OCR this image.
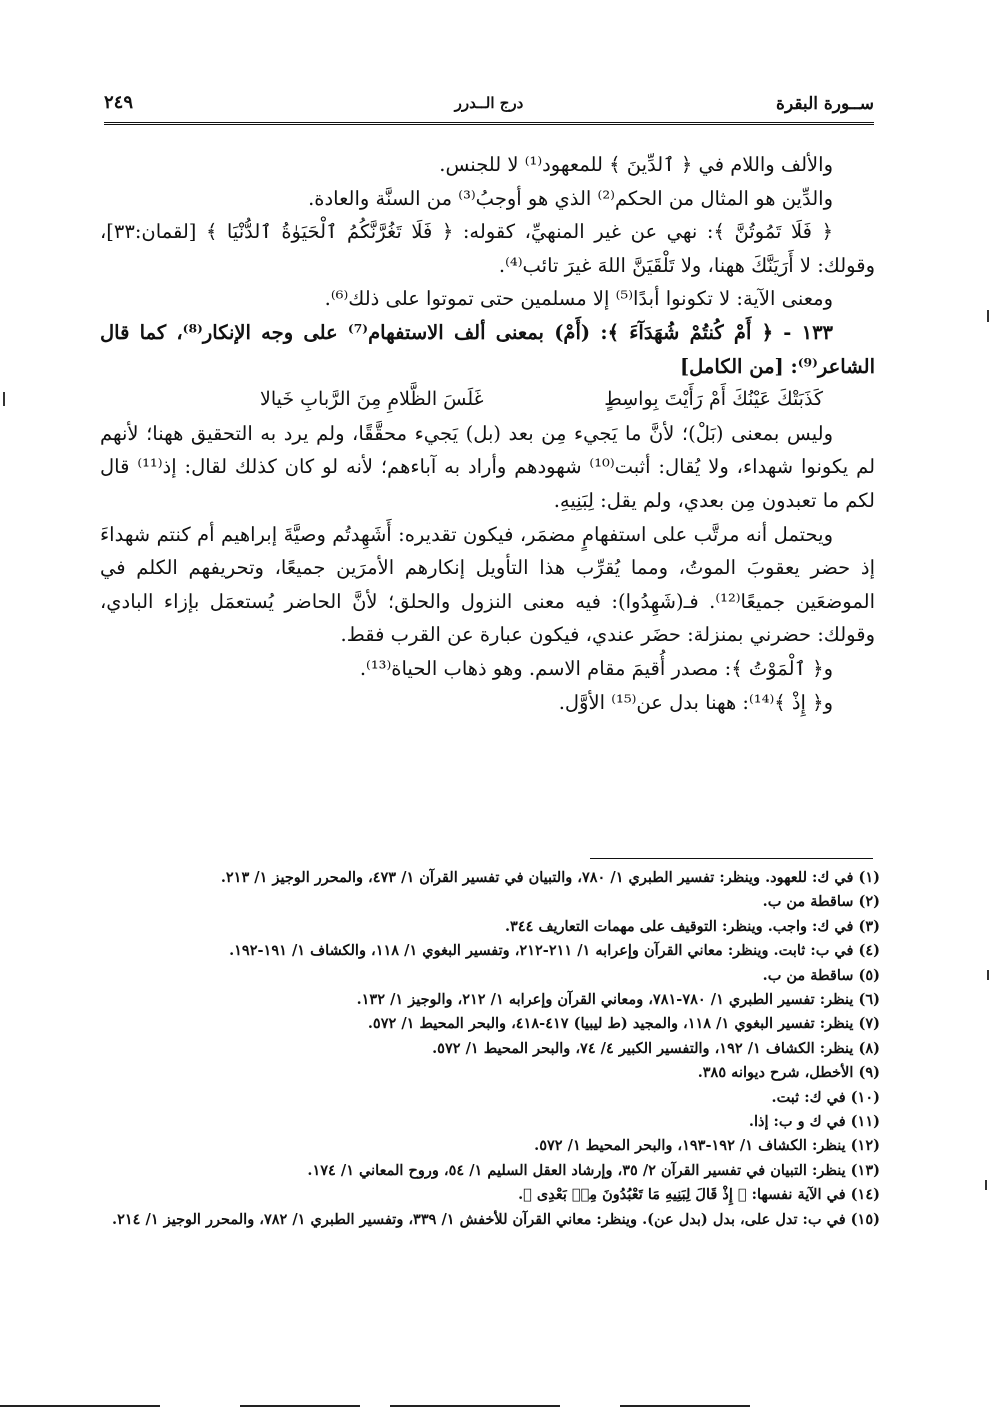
ســورة البقرة
درج الــدرر
٢٤٩

والألف واللام في ﴿ ٱلدِّينَ ﴾ للمعهود⁽¹⁾ لا للجنس.

والدِّين هو المثال من الحكم⁽²⁾ الذي هو أوجبُ⁽³⁾ من السنَّة والعادة.

﴿ فَلَا تَمُوتُنَّ ﴾: نهي عن غير المنهيِّ، كقوله: ﴿ فَلَا تَغُرَّنَّكُمُ ٱلْحَيَوٰةُ ٱلدُّنْيَا ﴾ [لقمان:٣٣]، وقولك: لا أَرَيَنَّكَ ههنا، ولا تَلْقَيَنَّ اللهَ غيرَ تائب⁽⁴⁾.

ومعنى الآية: لا تكونوا أبدًا⁽⁵⁾ إلا مسلمين حتى تموتوا على ذلك⁽⁶⁾.

١٣٣ - ﴿ أَمْ كُنتُمْ شُهَدَآءَ ﴾: (أَمْ) بمعنى ألف الاستفهام⁽⁷⁾ على وجه الإنكار⁽⁸⁾، كما قال الشاعر⁽⁹⁾: [من الكامل]

كَذَبَتْكَ عَيْنُكَ أَمْ رَأَيْتَ بِواسِطٍ
غَلَسَ الظَّلامِ مِنَ الرَّبابِ خَيالا

وليس بمعنى (بَلْ)؛ لأنَّ ما يَجيء مِن بعد (بل) يَجيء محقَّقًا، ولم يرد به التحقيق ههنا؛ لأنهم لم يكونوا شهداء، ولا يُقال: أثبت⁽¹⁰⁾ شهودهم وأراد به آباءهم؛ لأنه لو كان كذلك لقال: إذ⁽¹¹⁾ قال لكم ما تعبدون مِن بعدي، ولم يقل: لِبَنِيهِ.

ويحتمل أنه مرتَّب على استفهامٍ مضمَر، فيكون تقديره: أَشَهِدتُم وصيَّةَ إبراهيم أم كنتم شهداءَ إذ حضر يعقوبَ الموتُ، ومما يُقرِّب هذا التأويل إنكارهم الأمرَين جميعًا، وتحريفهم الكلم في الموضعَين جميعًا⁽¹²⁾. فـ(شَهِدُوا): فيه معنى النزول والحلق؛ لأنَّ الحاضر يُستعمَل بإزاء البادي، وقولك: حضرني بمنزلة: حضَر عندي، فيكون عبارة عن القرب فقط.

و﴿ ٱلْمَوْتُ ﴾: مصدر أُقيمَ مقام الاسم. وهو ذهاب الحياة⁽¹³⁾.

و﴿ إِذْ ﴾⁽¹⁴⁾: ههنا بدل عن⁽¹⁵⁾ الأوَّل.

(١) في ك: للعهود. وينظر: تفسير الطبري ١/ ٧٨٠، والتبيان في تفسير القرآن ١/ ٤٧٣، والمحرر الوجيز ١/ ٢١٣.
(٢) ساقطة من ب.
(٣) في ك: واجب. وينظر: التوقيف على مهمات التعاريف ٣٤٤.
(٤) في ب: ثابت. وينظر: معاني القرآن وإعرابه ١/ ٢١١-٢١٢، وتفسير البغوي ١/ ١١٨، والكشاف ١/ ١٩١-١٩٢.
(٥) ساقطة من ب.
(٦) ينظر: تفسير الطبري ١/ ٧٨٠-٧٨١، ومعاني القرآن وإعرابه ١/ ٢١٢، والوجيز ١/ ١٣٢.
(٧) ينظر: تفسير البغوي ١/ ١١٨، والمجيد (ط ليبيا) ٤١٧-٤١٨، والبحر المحيط ١/ ٥٧٢.
(٨) ينظر: الكشاف ١/ ١٩٢، والتفسير الكبير ٤/ ٧٤، والبحر المحيط ١/ ٥٧٢.
(٩) الأخطل، شرح ديوانه ٣٨٥.
(١٠) في ك: ثبت.
(١١) في ك و ب: إذا.
(١٢) ينظر: الكشاف ١/ ١٩٢-١٩٣، والبحر المحيط ١/ ٥٧٢.
(١٣) ينظر: التبيان في تفسير القرآن ٢/ ٣٥، وإرشاد العقل السليم ١/ ٥٤، وروح المعاني ١/ ١٧٤.
(١٤) في الآية نفسها: ﴿ إِذْ قَالَ لِبَنِيهِ مَا تَعْبُدُونَ مِنۢ بَعْدِى ﴾.
(١٥) في ب: تدل على، بدل (بدل عن). وينظر: معاني القرآن للأخفش ١/ ٣٣٩، وتفسير الطبري ١/ ٧٨٢، والمحرر الوجيز ١/ ٢١٤.
